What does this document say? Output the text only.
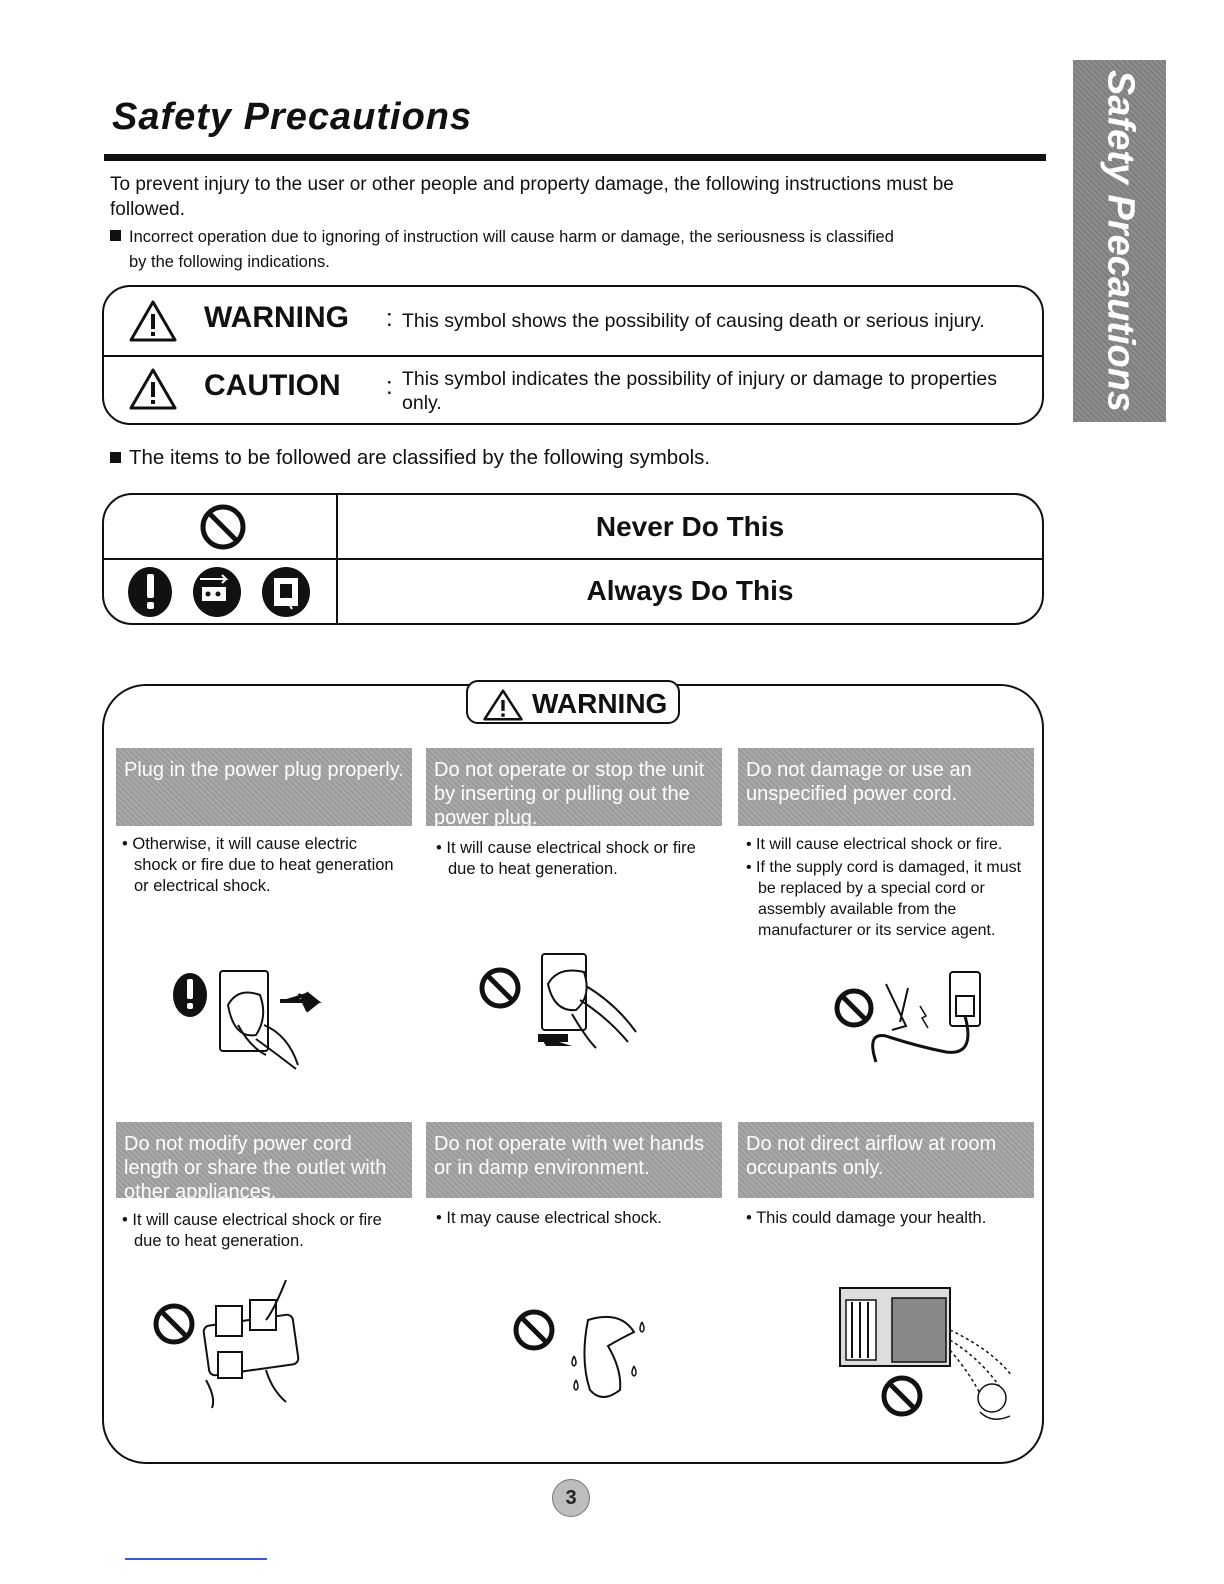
Safety Precautions
To prevent injury to the user or other people and property damage, the following instructions must be followed.
Incorrect operation due to ignoring of instruction will cause harm or damage, the seriousness is classified
by the following indications.
WARNING : This symbol shows the possibility of causing death or serious injury.
CAUTION : This symbol indicates the possibility of injury or damage to properties only.
The items to be followed are classified by the following symbols.
Never Do This
Always Do This
Safety Precautions
WARNING
Plug in the power plug properly.
• Otherwise, it will cause electric shock or fire due to heat generation or electrical shock.
Do not operate or stop the unit by inserting or pulling out the power plug.
• It will cause electrical shock or fire due to heat generation.
Do not damage or use an unspecified power cord.
• It will cause electrical shock or fire.
• If the supply cord is damaged, it must be replaced by a special cord or assembly available from the manufacturer or its service agent.
Do not modify power cord length or share the outlet with other appliances.
• It will cause electrical shock or fire due to heat generation.
Do not operate with wet hands or in damp environment.
• It may cause electrical shock.
Do not direct airflow at room occupants only.
• This could damage your health.
3
